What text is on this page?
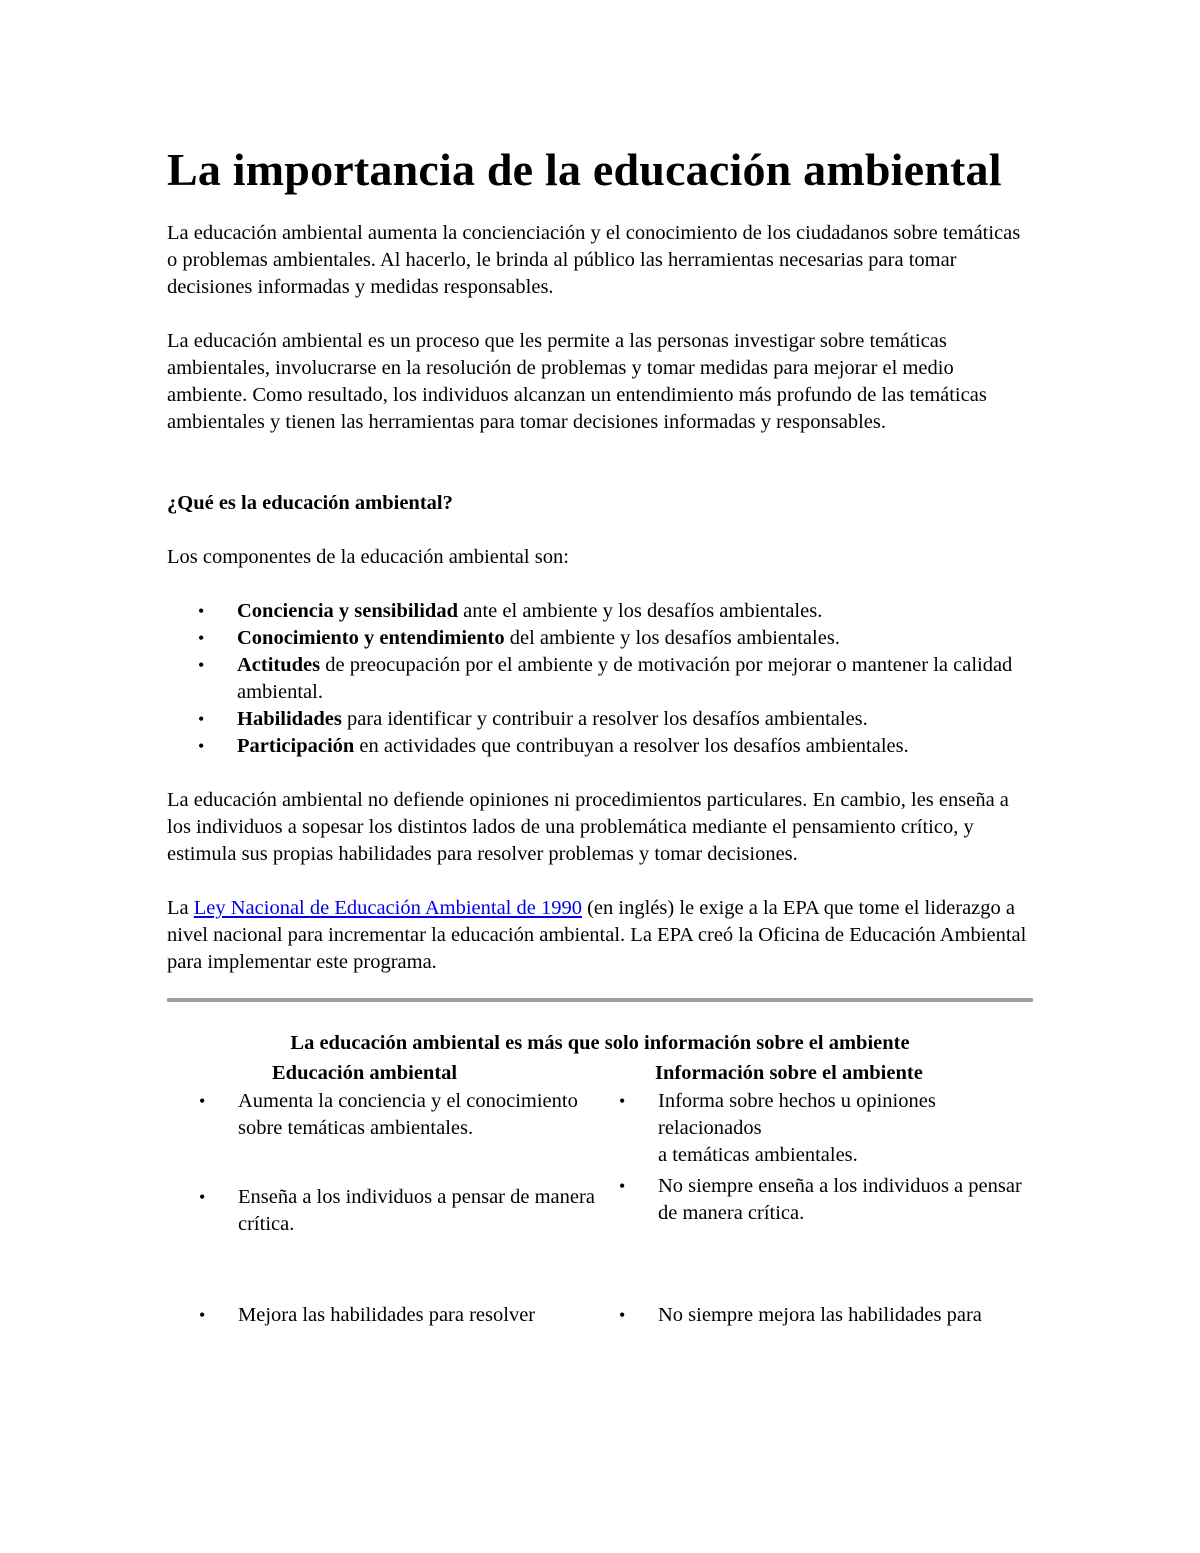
La importancia de la educación ambiental

La educación ambiental aumenta la concienciación y el conocimiento de los ciudadanos sobre temáticas o problemas ambientales. Al hacerlo, le brinda al público las herramientas necesarias para tomar decisiones informadas y medidas responsables.

La educación ambiental es un proceso que les permite a las personas investigar sobre temáticas ambientales, involucrarse en la resolución de problemas y tomar medidas para mejorar el medio ambiente. Como resultado, los individuos alcanzan un entendimiento más profundo de las temáticas ambientales y tienen las herramientas para tomar decisiones informadas y responsables.

¿Qué es la educación ambiental?

Los componentes de la educación ambiental son:

• Conciencia y sensibilidad ante el ambiente y los desafíos ambientales.
• Conocimiento y entendimiento del ambiente y los desafíos ambientales.
• Actitudes de preocupación por el ambiente y de motivación por mejorar o mantener la calidad ambiental.
• Habilidades para identificar y contribuir a resolver los desafíos ambientales.
• Participación en actividades que contribuyan a resolver los desafíos ambientales.

La educación ambiental no defiende opiniones ni procedimientos particulares. En cambio, les enseña a los individuos a sopesar los distintos lados de una problemática mediante el pensamiento crítico, y estimula sus propias habilidades para resolver problemas y tomar decisiones.

La Ley Nacional de Educación Ambiental de 1990 (en inglés) le exige a la EPA que tome el liderazgo a nivel nacional para incrementar la educación ambiental. La EPA creó la Oficina de Educación Ambiental para implementar este programa.

La educación ambiental es más que solo información sobre el ambiente
Educación ambiental
• Aumenta la conciencia y el conocimiento sobre temáticas ambientales.
• Enseña a los individuos a pensar de manera crítica.
• Mejora las habilidades para resolver
Información sobre el ambiente
• Informa sobre hechos u opiniones relacionados
a temáticas ambientales.
• No siempre enseña a los individuos a pensar
de manera crítica.
• No siempre mejora las habilidades para
